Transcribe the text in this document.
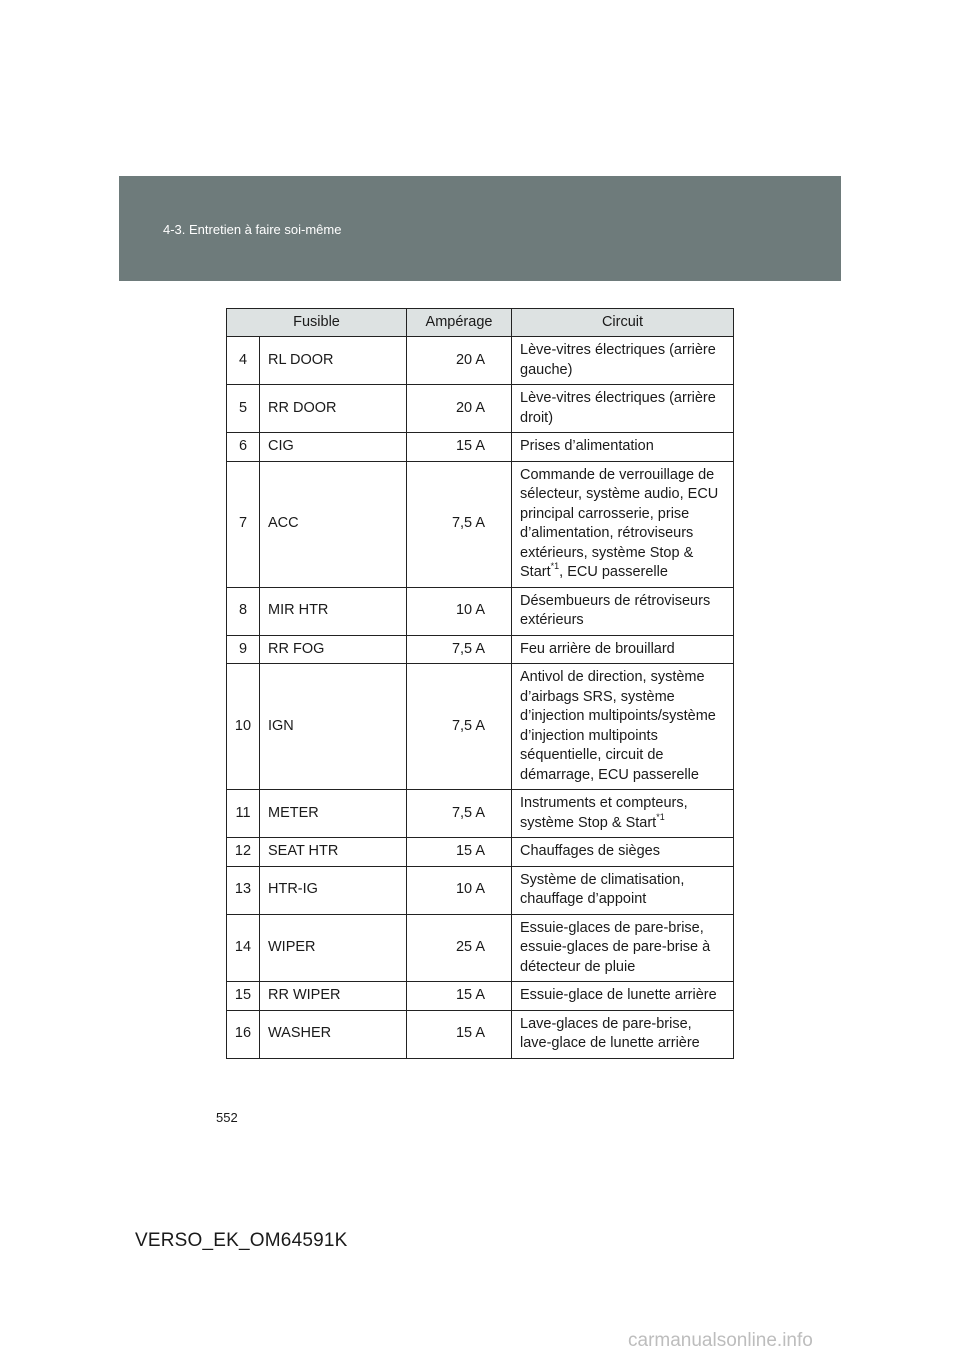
4-3. Entretien à faire soi-même
Fusible		Ampérage	Circuit
4	RL DOOR	20 A	Lève-vitres électriques (arrière gauche)
5	RR DOOR	20 A	Lève-vitres électriques (arrière droit)
6	CIG	15 A	Prises d’alimentation
7	ACC	7,5 A	Commande de verrouillage de sélecteur, système audio, ECU principal carrosserie, prise d’alimentation, rétroviseurs extérieurs, système Stop & Start$^{*1}$, ECU passerelle
8	MIR HTR	10 A	Désembueurs de rétroviseurs extérieurs
9	RR FOG	7,5 A	Feu arrière de brouillard
10	IGN	7,5 A	Antivol de direction, système d’airbags SRS, système d’injection multipoints/système d’injection multipoints séquentielle, circuit de démarrage, ECU passerelle
11	METER	7,5 A	Instruments et compteurs, système Stop & Start$^{*1}$
12	SEAT HTR	15 A	Chauffages de sièges
13	HTR-IG	10 A	Système de climatisation, chauffage d’appoint
14	WIPER	25 A	Essuie-glaces de pare-brise, essuie-glaces de pare-brise à détecteur de pluie
15	RR WIPER	15 A	Essuie-glace de lunette arrière
16	WASHER	15 A	Lave-glaces de pare-brise, lave-glace de lunette arrière
552
VERSO_EK_OM64591K
carmanualsonline.info
